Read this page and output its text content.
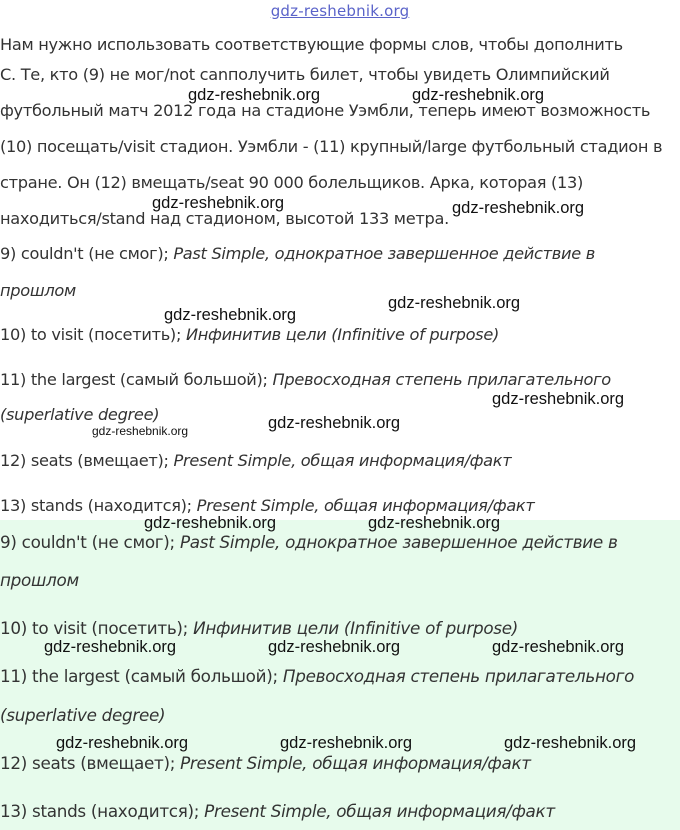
gdz-reshebnik.org
Нам нужно использовать соответствующие формы слов, чтобы дополнить
С. Те, кто (9) не мог/not canполучить билет, чтобы увидеть Олимпийский
футбольный матч 2012 года на стадионе Уэмбли, теперь имеют возможность
(10) посещать/visit стадион. Уэмбли - (11) крупный/large футбольный стадион в
стране. Он (12) вмещать/seat 90 000 болельщиков. Арка, которая (13)
находиться/stand над стадионом, высотой 133 метра.
9) couldn't (не смог); Past Simple, однократное завершенное действие в
прошлом
10) to visit (посетить); Инфинитив цели (Infinitive of purpose)
11) the largest (самый большой); Превосходная степень прилагательного
(superlative degree)
12) seats (вмещает); Present Simple, общая информация/факт
13) stands (находится); Present Simple, общая информация/факт
9) couldn't (не смог); Past Simple, однократное завершенное действие в
прошлом
10) to visit (посетить); Инфинитив цели (Infinitive of purpose)
11) the largest (самый большой); Превосходная степень прилагательного
(superlative degree)
12) seats (вмещает); Present Simple, общая информация/факт
13) stands (находится); Present Simple, общая информация/факт
gdz-reshebnik.org	gdz-reshebnik.org
gdz-reshebnik.org	gdz-reshebnik.org
gdz-reshebnik.org
gdz-reshebnik.org
gdz-reshebnik.org
gdz-reshebnik.org	gdz-reshebnik.org
gdz-reshebnik.org	gdz-reshebnik.org
gdz-reshebnik.org	gdz-reshebnik.org	gdz-reshebnik.org
gdz-reshebnik.org	gdz-reshebnik.org	gdz-reshebnik.org
